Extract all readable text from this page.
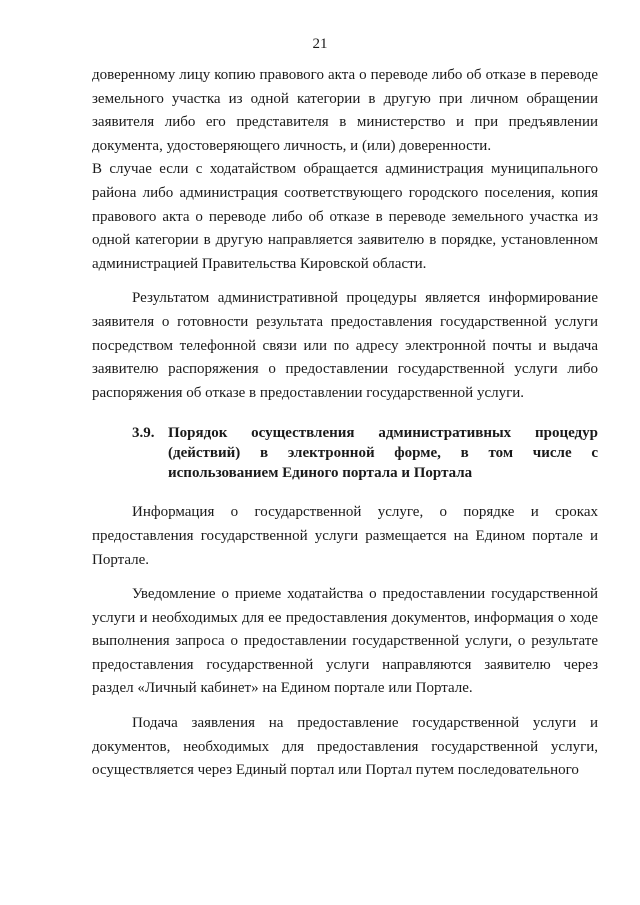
21

доверенному лицу копию правового акта о переводе либо об отказе в переводе земельного участка из одной категории в другую при личном обращении заявителя либо его представителя в министерство и при предъявлении документа, удостоверяющего личность, и (или) доверенности.

В случае если с ходатайством обращается администрация муниципального района либо администрация соответствующего городского поселения, копия правового акта о переводе либо об отказе в переводе земельного участка из одной категории в другую направляется заявителю в порядке, установленном администрацией Правительства Кировской области.

Результатом административной процедуры является информирование заявителя о готовности результата предоставления государственной услуги посредством телефонной связи или по адресу электронной почты и выдача заявителю распоряжения о предоставлении государственной услуги либо распоряжения об отказе в предоставлении государственной услуги.

3.9. Порядок осуществления административных процедур (действий) в электронной форме, в том числе с использованием Единого портала и Портала

Информация о государственной услуге, о порядке и сроках предоставления государственной услуги размещается на Едином портале и Портале.

Уведомление о приеме ходатайства о предоставлении государственной услуги и необходимых для ее предоставления документов, информация о ходе выполнения запроса о предоставлении государственной услуги, о результате предоставления государственной услуги направляются заявителю через раздел «Личный кабинет» на Едином портале или Портале.

Подача заявления на предоставление государственной услуги и документов, необходимых для предоставления государственной услуги, осуществляется через Единый портал или Портал путем последовательного
